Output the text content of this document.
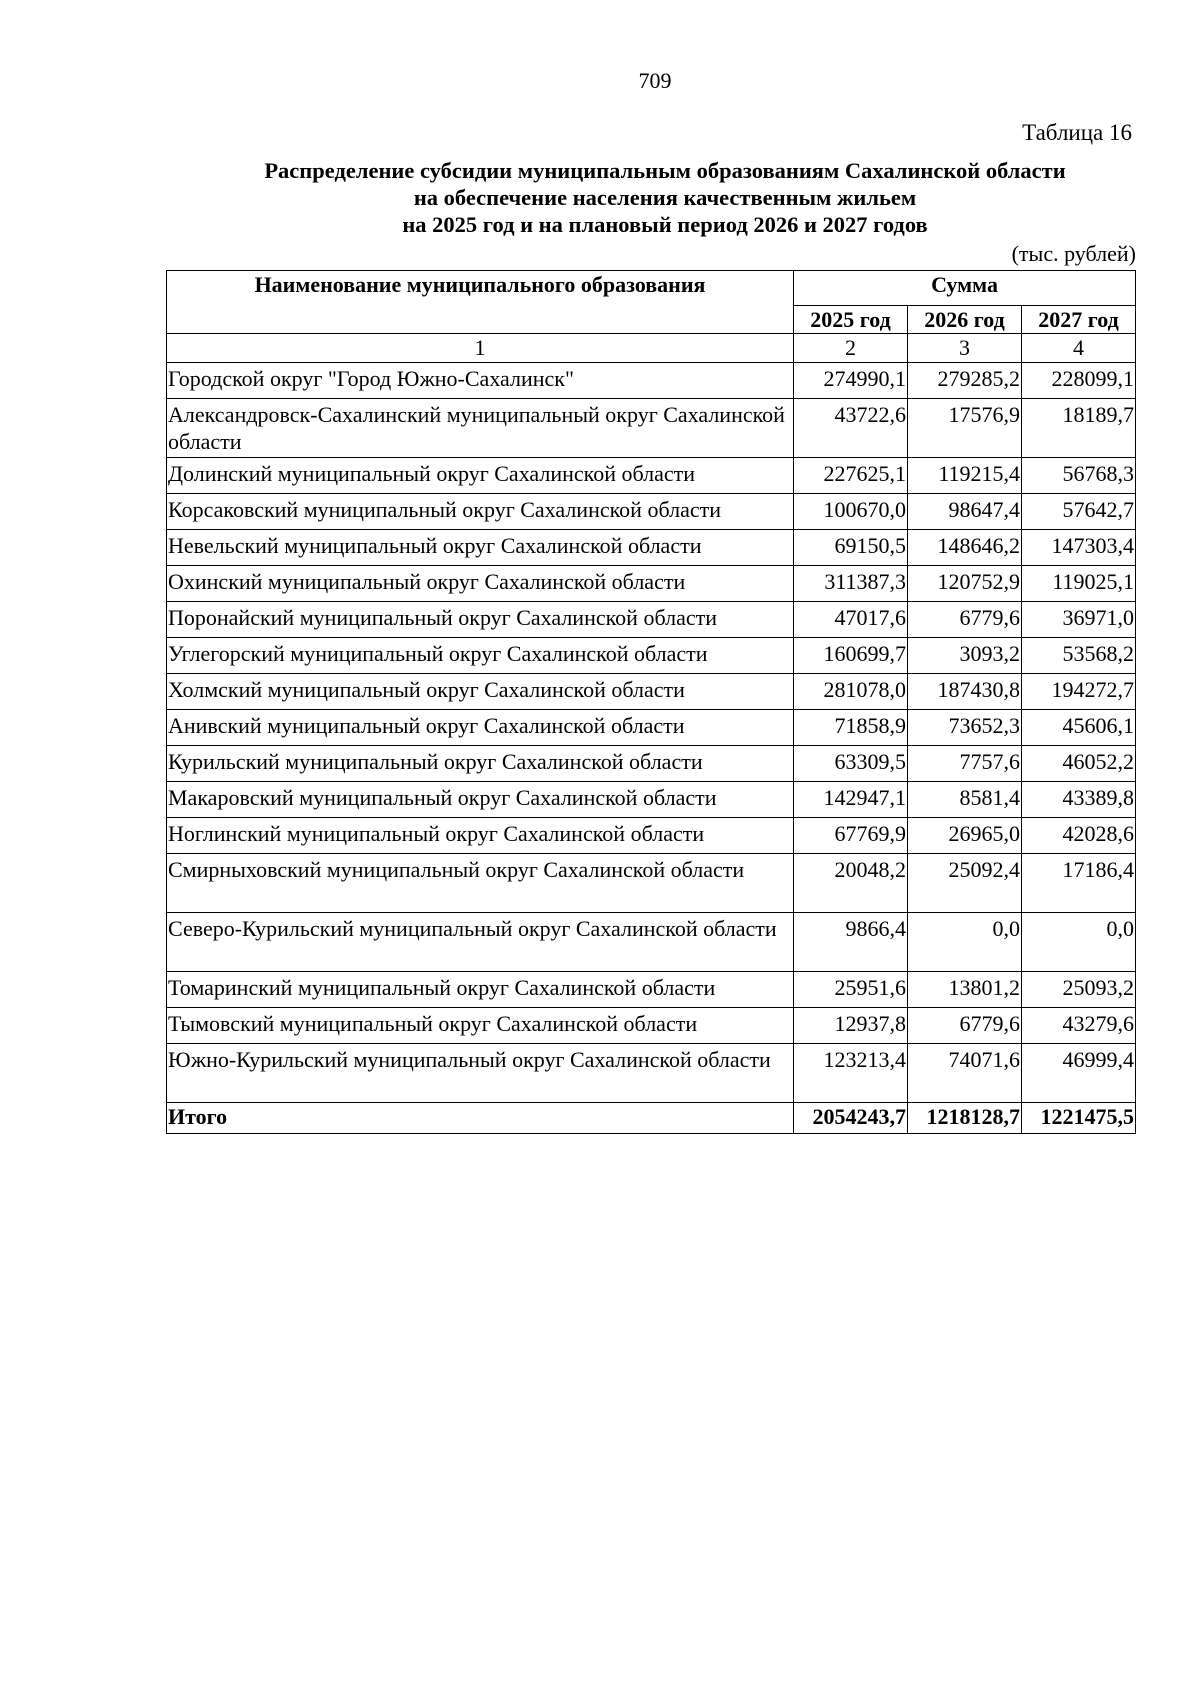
709
Таблица 16
Распределение субсидии муниципальным образованиям Сахалинской области
на обеспечение населения качественным жильем
на 2025 год и на плановый период 2026 и 2027 годов
(тыс. рублей)
Наименование муниципального образования	Сумма		
	2025 год	2026 год	2027 год
1	2	3	4
Городской округ "Город Южно-Сахалинск"	274990,1	279285,2	228099,1
Александровск-Сахалинский муниципальный округ Сахалинской области	43722,6	17576,9	18189,7
Долинский муниципальный округ Сахалинской области	227625,1	119215,4	56768,3
Корсаковский муниципальный округ Сахалинской области	100670,0	98647,4	57642,7
Невельский муниципальный округ Сахалинской области	69150,5	148646,2	147303,4
Охинский муниципальный округ Сахалинской области	311387,3	120752,9	119025,1
Поронайский муниципальный округ Сахалинской области	47017,6	6779,6	36971,0
Углегорский муниципальный округ Сахалинской области	160699,7	3093,2	53568,2
Холмский муниципальный округ Сахалинской области	281078,0	187430,8	194272,7
Анивский муниципальный округ Сахалинской области	71858,9	73652,3	45606,1
Курильский муниципальный округ Сахалинской области	63309,5	7757,6	46052,2
Макаровский муниципальный округ Сахалинской области	142947,1	8581,4	43389,8
Ноглинский муниципальный округ Сахалинской области	67769,9	26965,0	42028,6
Смирныховский муниципальный округ Сахалинской области	20048,2	25092,4	17186,4
Северо-Курильский муниципальный округ Сахалинской области	9866,4	0,0	0,0
Томаринский муниципальный округ Сахалинской области	25951,6	13801,2	25093,2
Тымовский муниципальный округ Сахалинской области	12937,8	6779,6	43279,6
Южно-Курильский муниципальный округ Сахалинской области	123213,4	74071,6	46999,4
Итого	2054243,7	1218128,7	1221475,5
